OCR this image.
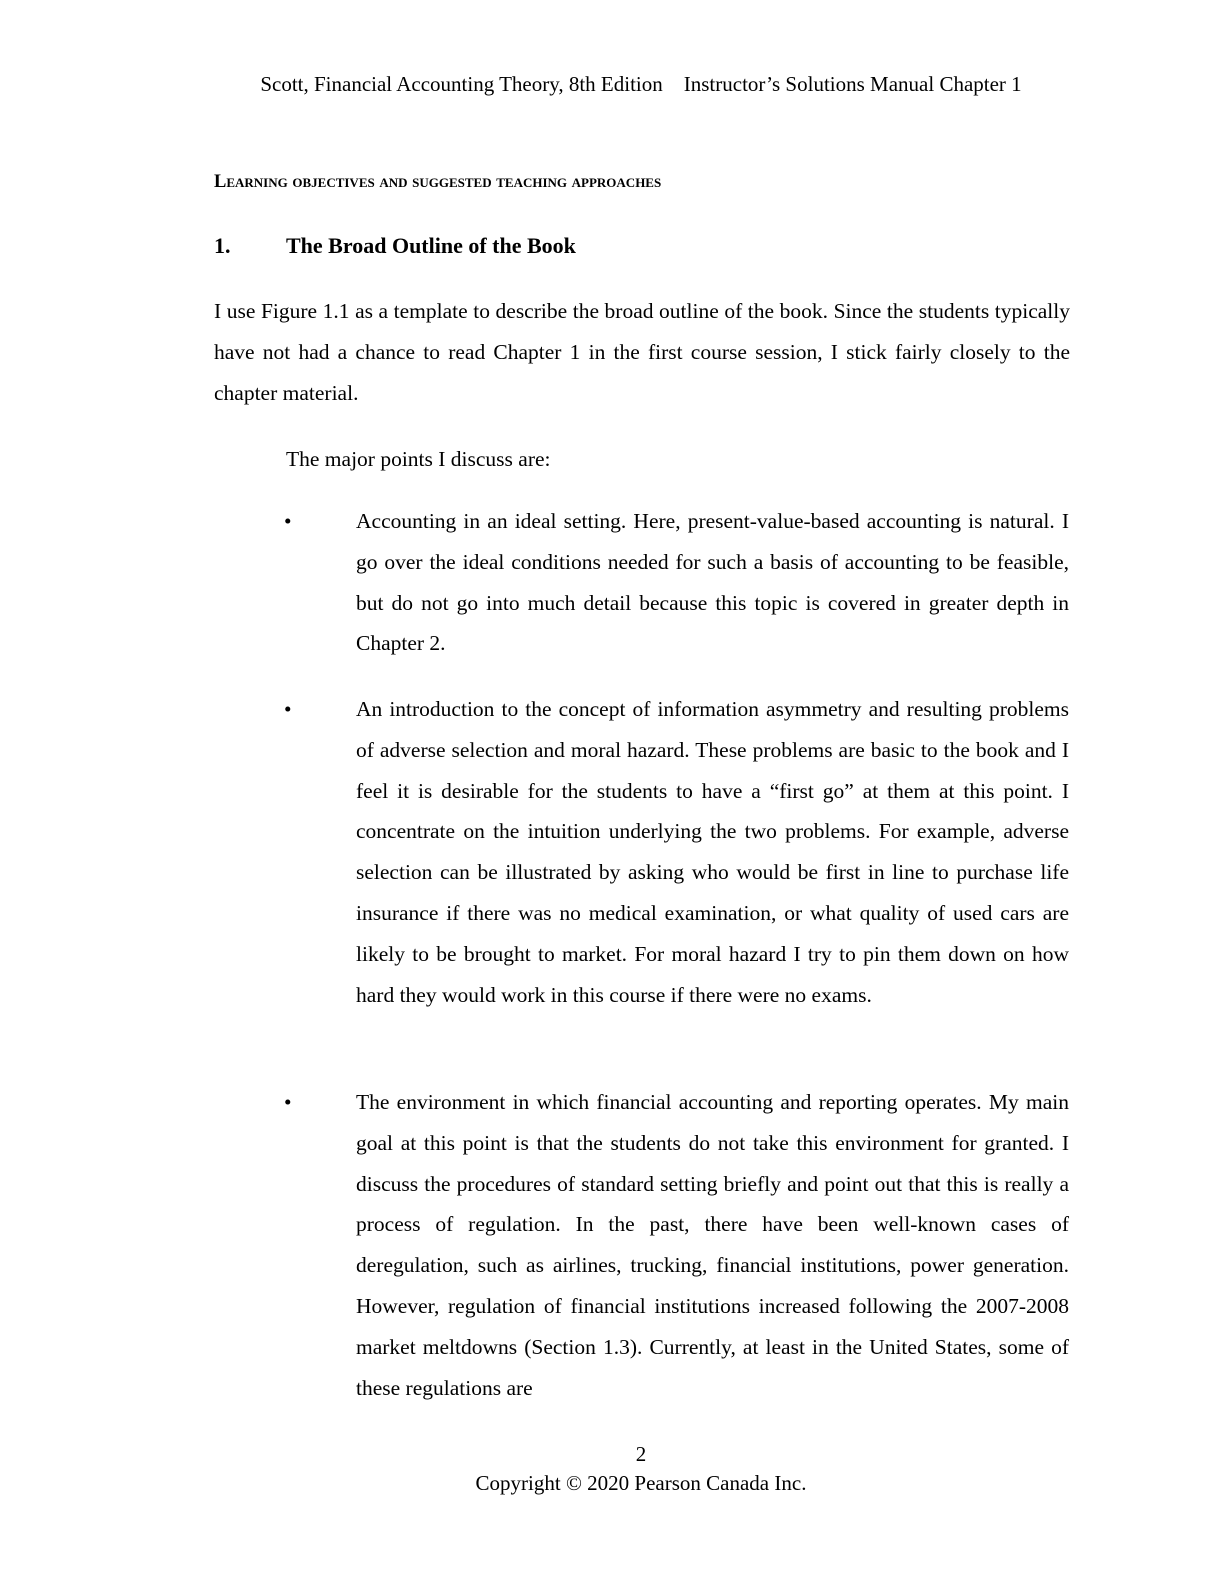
Scott, Financial Accounting Theory, 8th Edition    Instructor’s Solutions Manual Chapter 1
Learning objectives and suggested teaching approaches
1.	The Broad Outline of the Book

I use Figure 1.1 as a template to describe the broad outline of the book. Since the students typically have not had a chance to read Chapter 1 in the first course session, I stick fairly closely to the chapter material.

The major points I discuss are:
•	Accounting in an ideal setting. Here, present-value-based accounting is natural. I go over the ideal conditions needed for such a basis of accounting to be feasible, but do not go into much detail because this topic is covered in greater depth in Chapter 2.

•	An introduction to the concept of information asymmetry and resulting problems of adverse selection and moral hazard. These problems are basic to the book and I feel it is desirable for the students to have a “first go” at them at this point. I concentrate on the intuition underlying the two problems. For example, adverse selection can be illustrated by asking who would be first in line to purchase life insurance if there was no medical examination, or what quality of used cars are likely to be brought to market. For moral hazard I try to pin them down on how hard they would work in this course if there were no exams.

•	The environment in which financial accounting and reporting operates. My main goal at this point is that the students do not take this environment for granted. I discuss the procedures of standard setting briefly and point out that this is really a process of regulation. In the past, there have been well-known cases of deregulation, such as airlines, trucking, financial institutions, power generation. However, regulation of financial institutions increased following the 2007-2008 market meltdowns (Section 1.3). Currently, at least in the United States, some of these regulations are

2
Copyright © 2020 Pearson Canada Inc.
